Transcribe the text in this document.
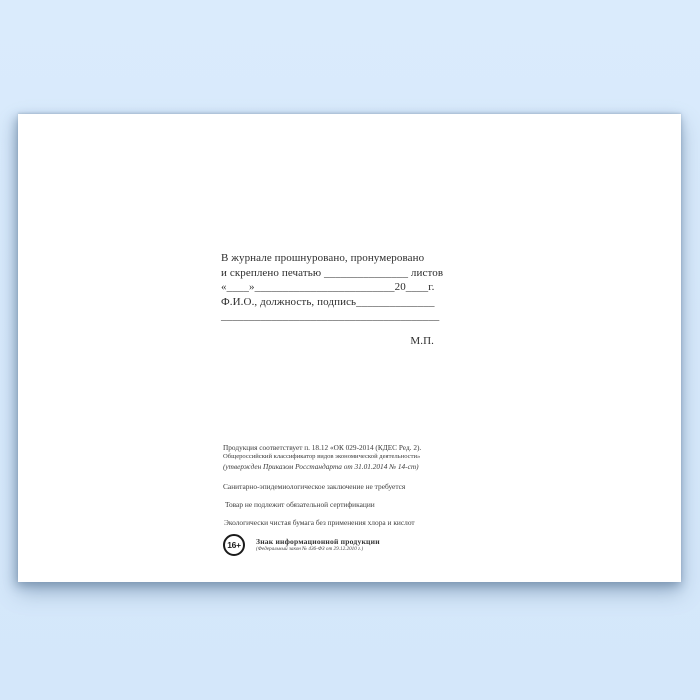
В журнале прошнуровано, пронумеровано
и скреплено печатью _______________ листов
«____»_________________________20____г.
Ф.И.О., должность, подпись______________
_______________________________________
М.П.
Продукция соответствует п. 18.12 «ОК 029-2014 (КДЕС Ред. 2).
Общероссийский классификатор видов экономической деятельности»
(утвержден Приказом Росстандарта от 31.01.2014 № 14-ст)
Санитарно-эпидемиологическое заключение не требуется
Товар не подлежит обязательной сертификации
Экологически чистая бумага без применения хлора и кислот
16+	Знак информационной продукции
(Федеральный закон № 436-ФЗ от 29.12.2010 г.)
